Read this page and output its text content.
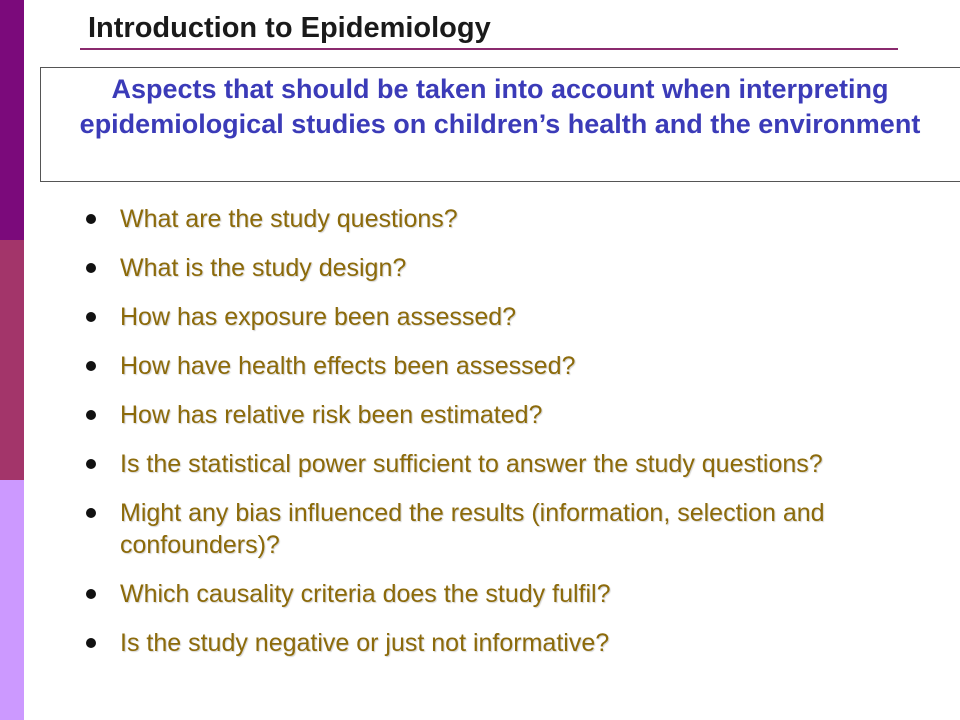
Introduction to Epidemiology
Aspects that should be taken into account when interpreting epidemiological studies on children’s health and the environment
What are the study questions?
What is the study design?
How has exposure been assessed?
How have health effects been assessed?
How has relative risk been estimated?
Is the statistical power sufficient to answer the study questions?
Might any bias influenced the results (information, selection and confounders)?
Which causality criteria does the study fulfil?
Is the study negative or just not informative?
